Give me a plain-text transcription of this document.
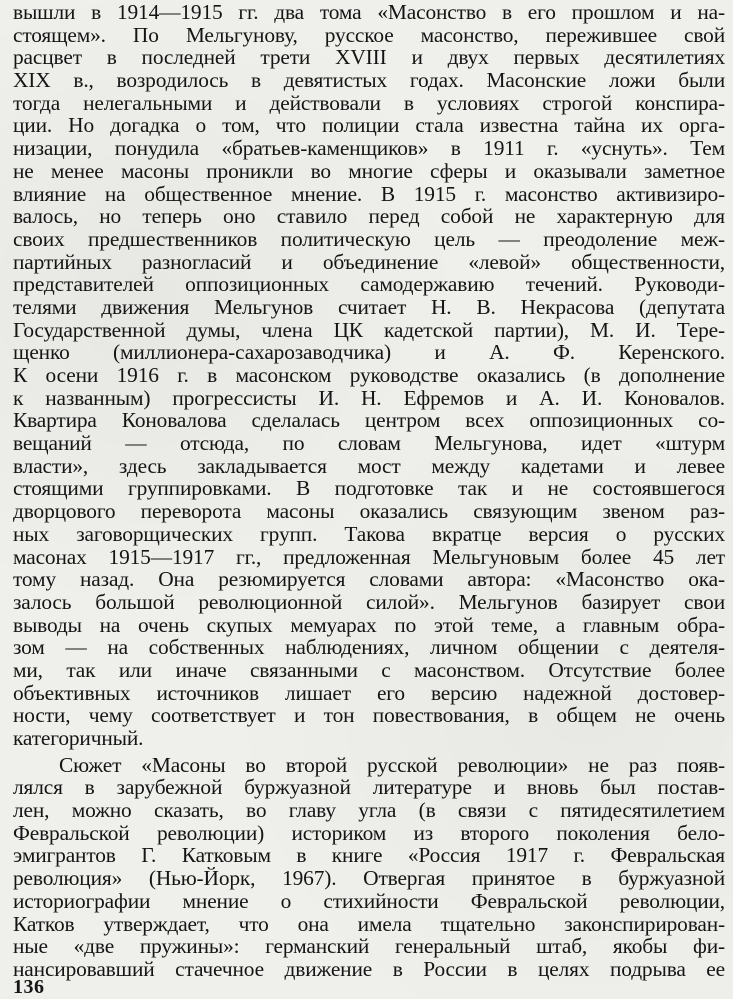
вышли в 1914—1915 гг. два тома «Масонство в его прошлом и на-
стоящем». По Мельгунову, русское масонство, пережившее свой
расцвет в последней трети XVIII и двух первых десятилетиях
XIX в., возродилось в девятистых годах. Масонские ложи были
тогда нелегальными и действовали в условиях строгой конспира-
ции. Но догадка о том, что полиции стала известна тайна их орга-
низации, понудила «братьев-каменщиков» в 1911 г. «уснуть». Тем
не менее масоны проникли во многие сферы и оказывали заметное
влияние на общественное мнение. В 1915 г. масонство активизиро-
валось, но теперь оно ставило перед собой не характерную для
своих предшественников политическую цель — преодоление меж-
партийных разногласий и объединение «левой» общественности,
представителей оппозиционных самодержавию течений. Руководи-
телями движения Мельгунов считает Н. В. Некрасова (депутата
Государственной думы, члена ЦК кадетской партии), М. И. Тере-
щенко (миллионера-сахарозаводчика) и А. Ф. Керенского.
К осени 1916 г. в масонском руководстве оказались (в дополнение
к названным) прогрессисты И. Н. Ефремов и А. И. Коновалов.
Квартира Коновалова сделалась центром всех оппозиционных со-
вещаний — отсюда, по словам Мельгунова, идет «штурм
власти», здесь закладывается мост между кадетами и левее
стоящими группировками. В подготовке так и не состоявшегося
дворцового переворота масоны оказались связующим звеном раз-
ных заговорщических групп. Такова вкратце версия о русских
масонах 1915—1917 гг., предложенная Мельгуновым более 45 лет
тому назад. Она резюмируется словами автора: «Масонство ока-
залось большой революционной силой». Мельгунов базирует свои
выводы на очень скупых мемуарах по этой теме, а главным обра-
зом — на собственных наблюдениях, личном общении с деятеля-
ми, так или иначе связанными с масонством. Отсутствие более
объективных источников лишает его версию надежной достовер-
ности, чему соответствует и тон повествования, в общем не очень
категоричный.
Сюжет «Масоны во второй русской революции» не раз появ-
лялся в зарубежной буржуазной литературе и вновь был постав-
лен, можно сказать, во главу угла (в связи с пятидесятилетием
Февральской революции) историком из второго поколения бело-
эмигрантов Г. Катковым в книге «Россия 1917 г. Февральская
революция» (Нью-Йорк, 1967). Отвергая принятое в буржуазной
историографии мнение о стихийности Февральской революции,
Катков утверждает, что она имела тщательно законспирирован-
ные «две пружины»: германский генеральный штаб, якобы фи-
нансировавший стачечное движение в России в целях подрыва ее
136
